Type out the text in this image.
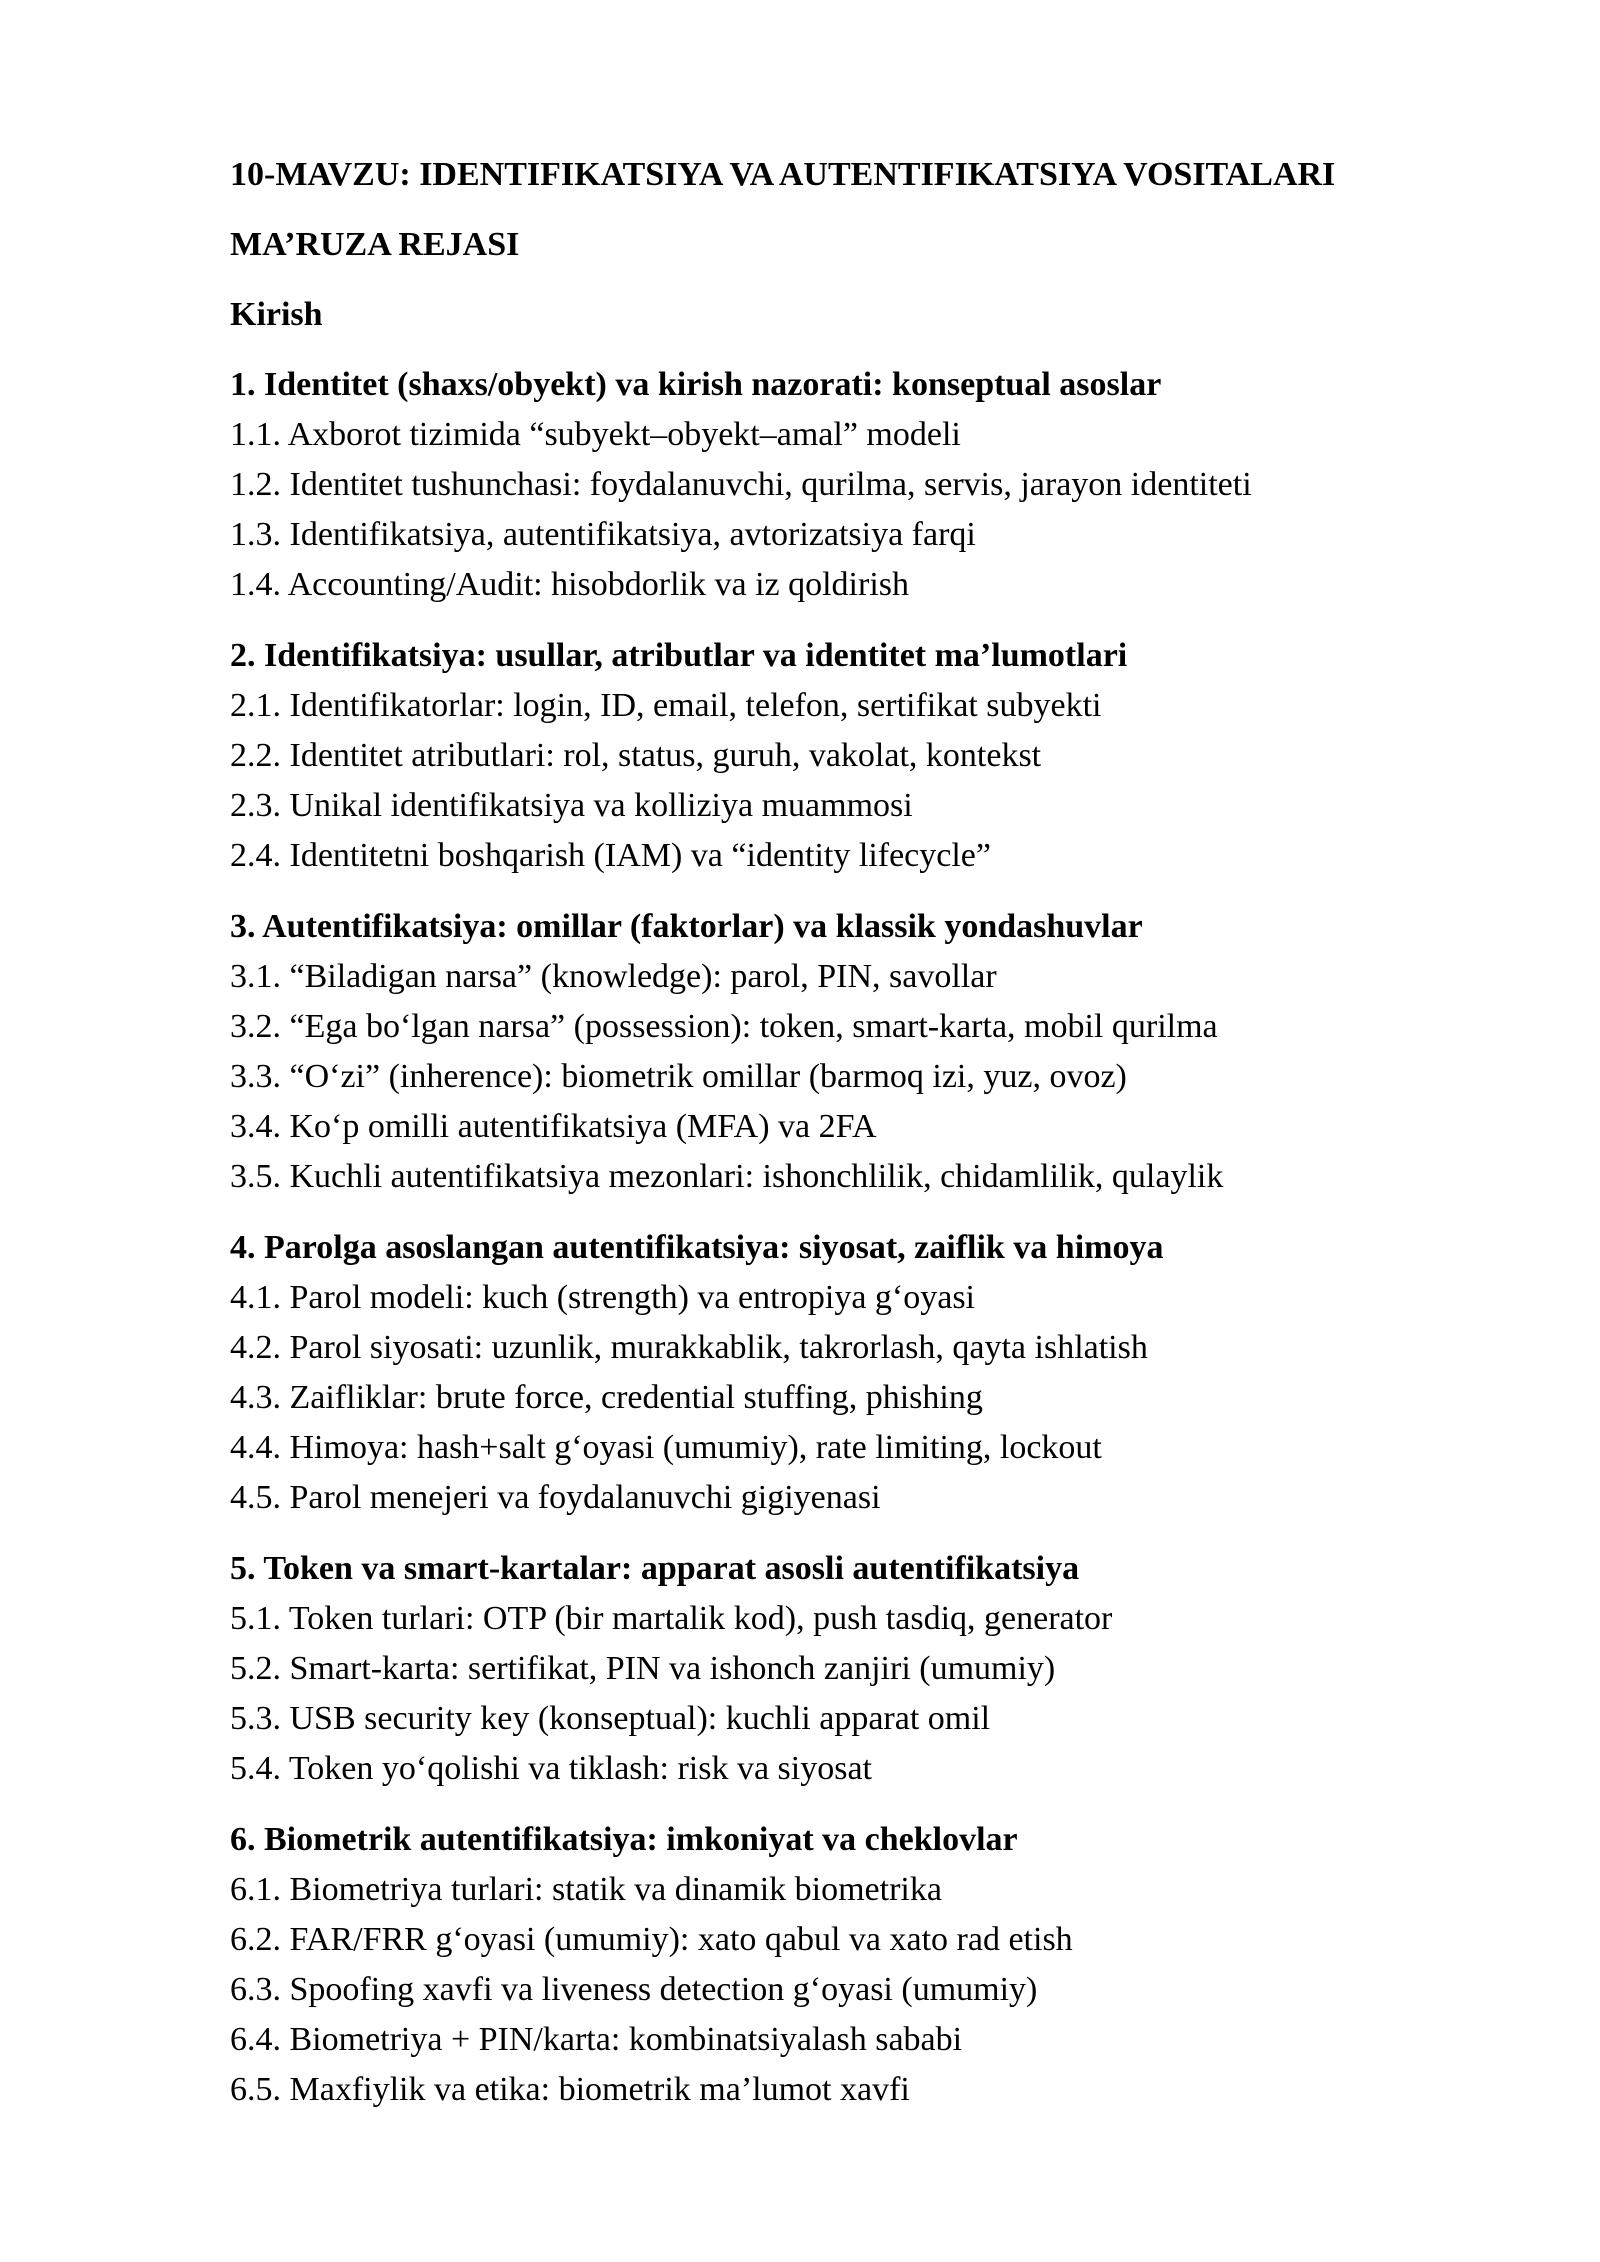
10-MAVZU: IDENTIFIKATSIYA VA AUTENTIFIKATSIYA VOSITALARI
MA’RUZA REJASI
Kirish
1. Identitet (shaxs/obyekt) va kirish nazorati: konseptual asoslar
1.1. Axborot tizimida “subyekt–obyekt–amal” modeli
1.2. Identitet tushunchasi: foydalanuvchi, qurilma, servis, jarayon identiteti
1.3. Identifikatsiya, autentifikatsiya, avtorizatsiya farqi
1.4. Accounting/Audit: hisobdorlik va iz qoldirish
2. Identifikatsiya: usullar, atributlar va identitet ma’lumotlari
2.1. Identifikatorlar: login, ID, email, telefon, sertifikat subyekti
2.2. Identitet atributlari: rol, status, guruh, vakolat, kontekst
2.3. Unikal identifikatsiya va kolliziya muammosi
2.4. Identitetni boshqarish (IAM) va “identity lifecycle”
3. Autentifikatsiya: omillar (faktorlar) va klassik yondashuvlar
3.1. “Biladigan narsa” (knowledge): parol, PIN, savollar
3.2. “Ega bo‘lgan narsa” (possession): token, smart-karta, mobil qurilma
3.3. “O‘zi” (inherence): biometrik omillar (barmoq izi, yuz, ovoz)
3.4. Ko‘p omilli autentifikatsiya (MFA) va 2FA
3.5. Kuchli autentifikatsiya mezonlari: ishonchlilik, chidamlilik, qulaylik
4. Parolga asoslangan autentifikatsiya: siyosat, zaiflik va himoya
4.1. Parol modeli: kuch (strength) va entropiya g‘oyasi
4.2. Parol siyosati: uzunlik, murakkablik, takrorlash, qayta ishlatish
4.3. Zaifliklar: brute force, credential stuffing, phishing
4.4. Himoya: hash+salt g‘oyasi (umumiy), rate limiting, lockout
4.5. Parol menejeri va foydalanuvchi gigiyenasi
5. Token va smart-kartalar: apparat asosli autentifikatsiya
5.1. Token turlari: OTP (bir martalik kod), push tasdiq, generator
5.2. Smart-karta: sertifikat, PIN va ishonch zanjiri (umumiy)
5.3. USB security key (konseptual): kuchli apparat omil
5.4. Token yo‘qolishi va tiklash: risk va siyosat
6. Biometrik autentifikatsiya: imkoniyat va cheklovlar
6.1. Biometriya turlari: statik va dinamik biometrika
6.2. FAR/FRR g‘oyasi (umumiy): xato qabul va xato rad etish
6.3. Spoofing xavfi va liveness detection g‘oyasi (umumiy)
6.4. Biometriya + PIN/karta: kombinatsiyalash sababi
6.5. Maxfiylik va etika: biometrik ma’lumot xavfi
